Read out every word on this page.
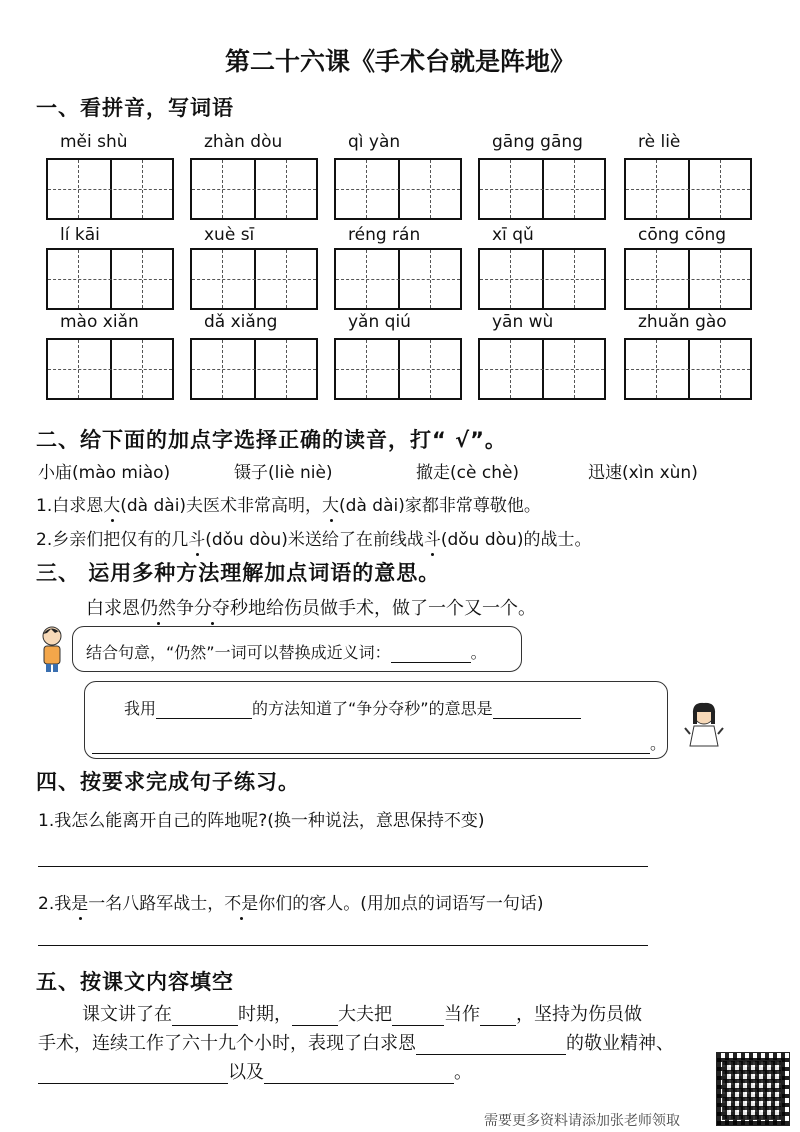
第二十六课《手术台就是阵地》
一、看拼音，写词语
měi shù	zhàn dòu	qì yàn	gāng gāng	rè liè
lí kāi	xuè sī	réng rán	xī qǔ	cōng cōng
mào xiǎn	dǎ xiǎng	yǎn qiú	yān wù	zhuǎn gào
二、给下面的加点字选择正确的读音，打“ √”。
小庙(mào miào)	镊子(liè niè)	撤走(cè chè)	迅速(xìn xùn)
1.白求恩大(dà dài)夫医术非常高明，大(dà dài)家都非常尊敬他。
2.乡亲们把仅有的几斗(dǒu dòu)米送给了在前线战斗(dǒu dòu)的战士。
三、 运用多种方法理解加点词语的意思。
白求恩仍然争分夺秒地给伤员做手术，做了一个又一个。
结合句意，“仍然”一词可以替换成近义词：	。
我用	的方法知道了“争分夺秒”的意思是
。
四、按要求完成句子练习。
1.我怎么能离开自己的阵地呢?(换一种说法，意思保持不变)
2.我是一名八路军战士，不是你们的客人。(用加点的词语写一句话)
五、按课文内容填空
课文讲了在	时期，	大夫把	当作 ，坚持为伤员做
手术，连续工作了六十九个小时，表现了白求恩	的敬业精神、
以及	。
需要更多资料请添加张老师领取
